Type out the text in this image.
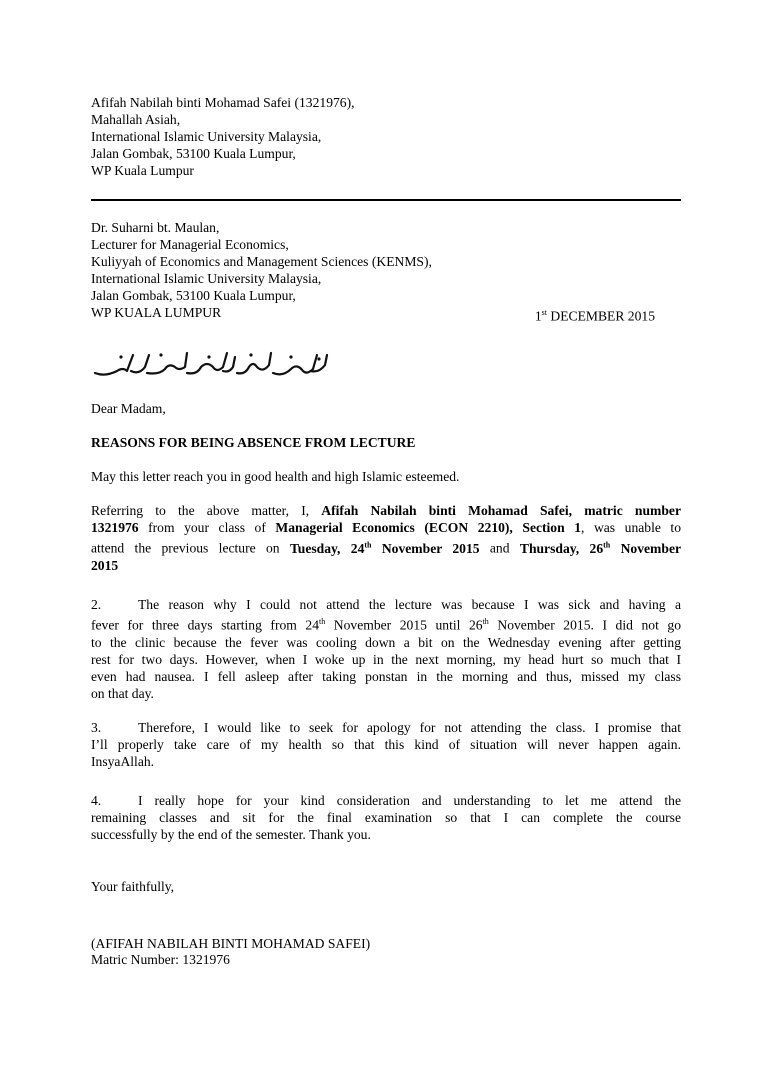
Afifah Nabilah binti Mohamad Safei (1321976),
Mahallah Asiah,
International Islamic University Malaysia,
Jalan Gombak, 53100 Kuala Lumpur,
WP Kuala Lumpur
Dr. Suharni bt. Maulan,
Lecturer for Managerial Economics,
Kuliyyah of Economics and Management Sciences (KENMS),
International Islamic University Malaysia,
Jalan Gombak, 53100 Kuala Lumpur,
WP KUALA LUMPUR	1st DECEMBER 2015
Dear Madam,
REASONS FOR BEING ABSENCE FROM LECTURE
May this letter reach you in good health and high Islamic esteemed.
Referring to the above matter, I, Afifah Nabilah binti Mohamad Safei, matric number
1321976 from your class of Managerial Economics (ECON 2210), Section 1, was unable to
attend the previous lecture on Tuesday, 24th November 2015 and Thursday, 26th November
2015
2.	The reason why I could not attend the lecture was because I was sick and having a
fever for three days starting from 24th November 2015 until 26th November 2015. I did not go
to the clinic because the fever was cooling down a bit on the Wednesday evening after getting
rest for two days. However, when I woke up in the next morning, my head hurt so much that I
even had nausea. I fell asleep after taking ponstan in the morning and thus, missed my class
on that day.
3.	Therefore, I would like to seek for apology for not attending the class. I promise that
I’ll properly take care of my health so that this kind of situation will never happen again.
InsyaAllah.
4.	I really hope for your kind consideration and understanding to let me attend the
remaining classes and sit for the final examination so that I can complete the course
successfully by the end of the semester. Thank you.
Your faithfully,
(AFIFAH NABILAH BINTI MOHAMAD SAFEI)
Matric Number: 1321976
